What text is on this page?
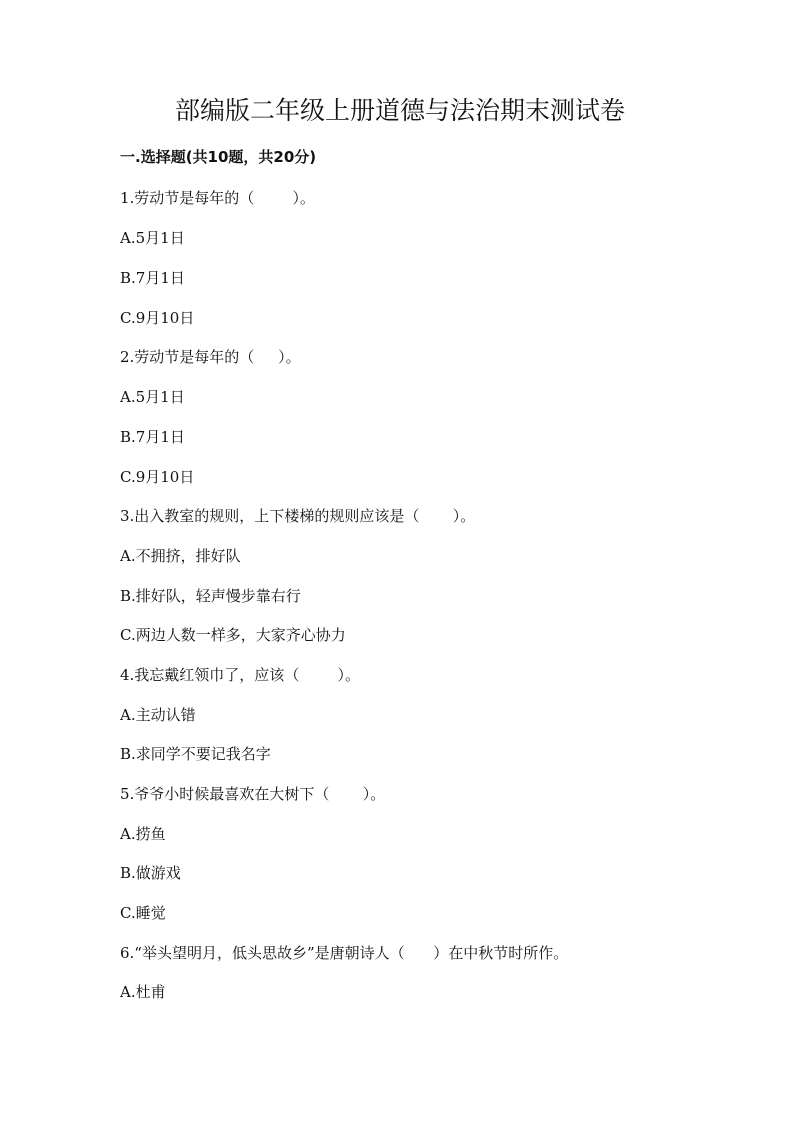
部编版二年级上册道德与法治期末测试卷
一.选择题(共10题，共20分)
1.劳动节是每年的（        ）。
A.5月1日
B.7月1日
C.9月10日
2.劳动节是每年的（     ）。
A.5月1日
B.7月1日
C.9月10日
3.出入教室的规则，上下楼梯的规则应该是（       ）。
A.不拥挤，排好队
B.排好队，轻声慢步靠右行
C.两边人数一样多，大家齐心协力
4.我忘戴红领巾了，应该（        ）。
A.主动认错
B.求同学不要记我名字
5.爷爷小时候最喜欢在大树下（       ）。
A.捞鱼
B.做游戏
C.睡觉
6.“举头望明月，低头思故乡”是唐朝诗人（      ）在中秋节时所作。
A.杜甫
